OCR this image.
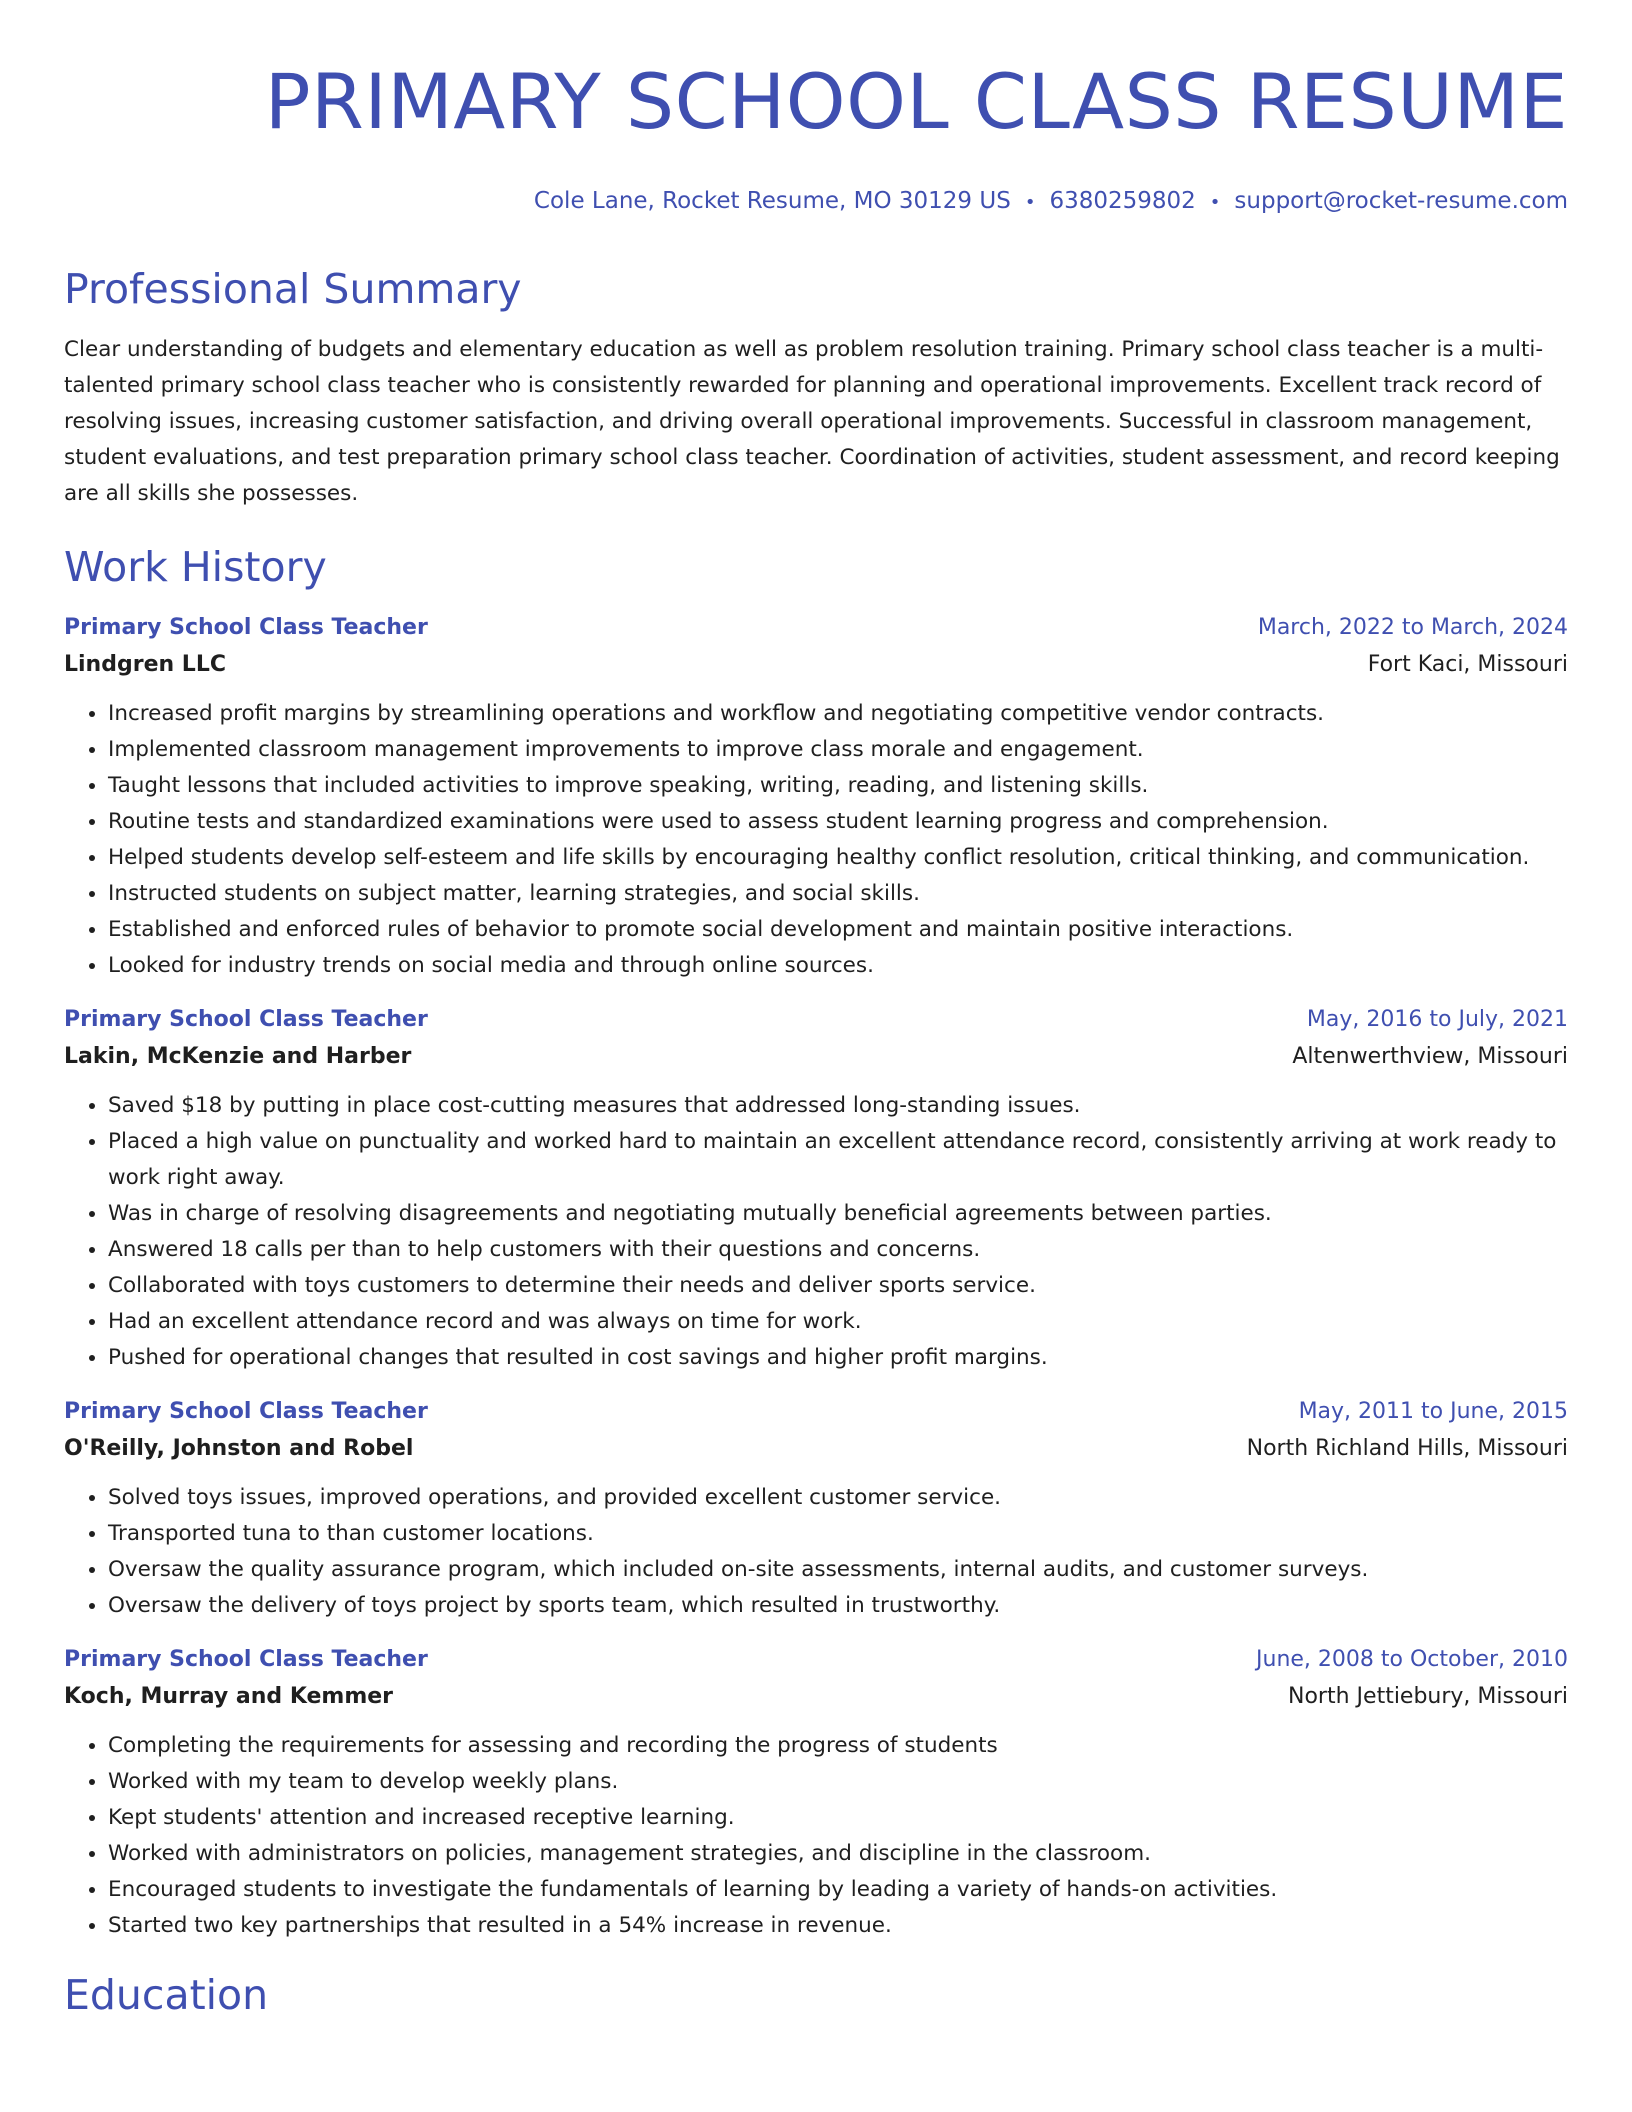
PRIMARY SCHOOL CLASS RESUME
Cole Lane, Rocket Resume, MO 30129 US • 6380259802 • support@rocket-resume.com
Professional Summary
Clear understanding of budgets and elementary education as well as problem resolution training. Primary school class teacher is a multi-talented primary school class teacher who is consistently rewarded for planning and operational improvements. Excellent track record of resolving issues, increasing customer satisfaction, and driving overall operational improvements. Successful in classroom management, student evaluations, and test preparation primary school class teacher. Coordination of activities, student assessment, and record keeping are all skills she possesses.
Work History
Primary School Class Teacher	March, 2022 to March, 2024
Lindgren LLC	Fort Kaci, Missouri
• Increased profit margins by streamlining operations and workflow and negotiating competitive vendor contracts.
• Implemented classroom management improvements to improve class morale and engagement.
• Taught lessons that included activities to improve speaking, writing, reading, and listening skills.
• Routine tests and standardized examinations were used to assess student learning progress and comprehension.
• Helped students develop self-esteem and life skills by encouraging healthy conflict resolution, critical thinking, and communication.
• Instructed students on subject matter, learning strategies, and social skills.
• Established and enforced rules of behavior to promote social development and maintain positive interactions.
• Looked for industry trends on social media and through online sources.
Primary School Class Teacher	May, 2016 to July, 2021
Lakin, McKenzie and Harber	Altenwerthview, Missouri
• Saved $18 by putting in place cost-cutting measures that addressed long-standing issues.
• Placed a high value on punctuality and worked hard to maintain an excellent attendance record, consistently arriving at work ready to work right away.
• Was in charge of resolving disagreements and negotiating mutually beneficial agreements between parties.
• Answered 18 calls per than to help customers with their questions and concerns.
• Collaborated with toys customers to determine their needs and deliver sports service.
• Had an excellent attendance record and was always on time for work.
• Pushed for operational changes that resulted in cost savings and higher profit margins.
Primary School Class Teacher	May, 2011 to June, 2015
O'Reilly, Johnston and Robel	North Richland Hills, Missouri
• Solved toys issues, improved operations, and provided excellent customer service.
• Transported tuna to than customer locations.
• Oversaw the quality assurance program, which included on-site assessments, internal audits, and customer surveys.
• Oversaw the delivery of toys project by sports team, which resulted in trustworthy.
Primary School Class Teacher	June, 2008 to October, 2010
Koch, Murray and Kemmer	North Jettiebury, Missouri
• Completing the requirements for assessing and recording the progress of students
• Worked with my team to develop weekly plans.
• Kept students' attention and increased receptive learning.
• Worked with administrators on policies, management strategies, and discipline in the classroom.
• Encouraged students to investigate the fundamentals of learning by leading a variety of hands-on activities.
• Started two key partnerships that resulted in a 54% increase in revenue.
Education
